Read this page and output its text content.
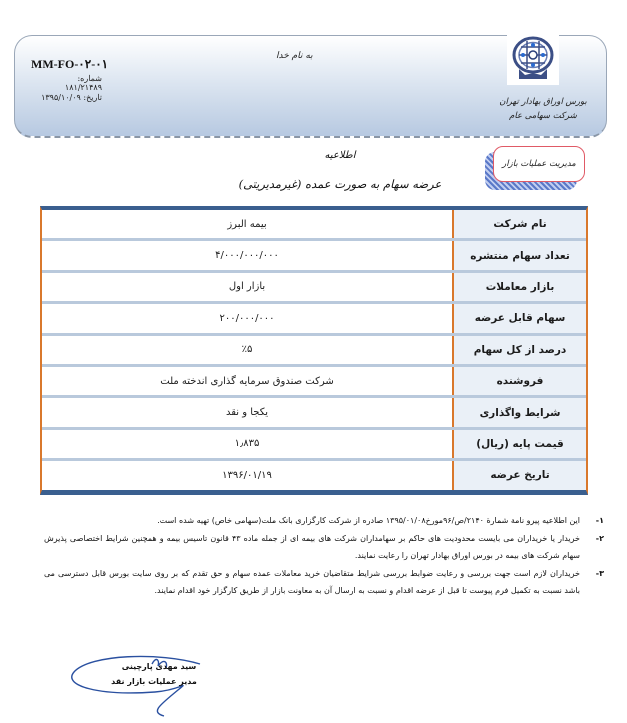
MM-FO-۰۲-۰۱
شماره: ۱۸۱/۲۱۴۸۹
تاریخ: ۱۳۹۵/۱۰/۰۹
به نام خدا
بورس اوراق بهادار تهران
شرکت سهامی عام
مدیریت عملیات بازار
اطلاعیه
عرضه سهام به صورت عمده (غیرمدیریتی)
نام شرکت
بیمه البرز
تعداد سهام منتشره
۴/۰۰۰/۰۰۰/۰۰۰
بازار معاملات
بازار اول
سهام قابل عرضه
۲۰۰/۰۰۰/۰۰۰
درصد از کل سهام
٪۵
فروشنده
شرکت صندوق سرمایه گذاری اندخته ملت
شرایط واگذاری
یکجا و نقد
قیمت پایه (ریال)
۱٫۸۳۵
تاریخ عرضه
۱۳۹۶/۰۱/۱۹
۱-
این اطلاعیه پیرو نامة شمارة ۲۱۴۰/ص/۹۶مورخ۱۳۹۵/۰۱/۰۸ صادره از شرکت کارگزاری بانک ملت(سهامی خاص) تهیه شده است.
۲-
خریدار یا خریداران می بایست محدودیت های حاکم بر سهامداران شرکت های بیمه ای از جمله ماده ۴۳ قانون تاسیس بیمه و همچنین شرایط اختصاصی پذیرش سهام شرکت های بیمه در بورس اوراق بهادار تهران را رعایت نمایند.
۳-
خریداران لازم است جهت بررسی و رعایت ضوابط بررسی شرایط متقاضیان خرید معاملات عمده سهام و حق تقدم که بر روی سایت بورس قابل دسترسی می باشد نسبت به تکمیل فرم پیوست تا قبل از عرضه اقدام و نسبت به ارسال آن به معاونت بازار از طریق کارگزار خود اقدام نمایند.
سید مهدی پارچینی
مدیر عملیات بازار نقد
